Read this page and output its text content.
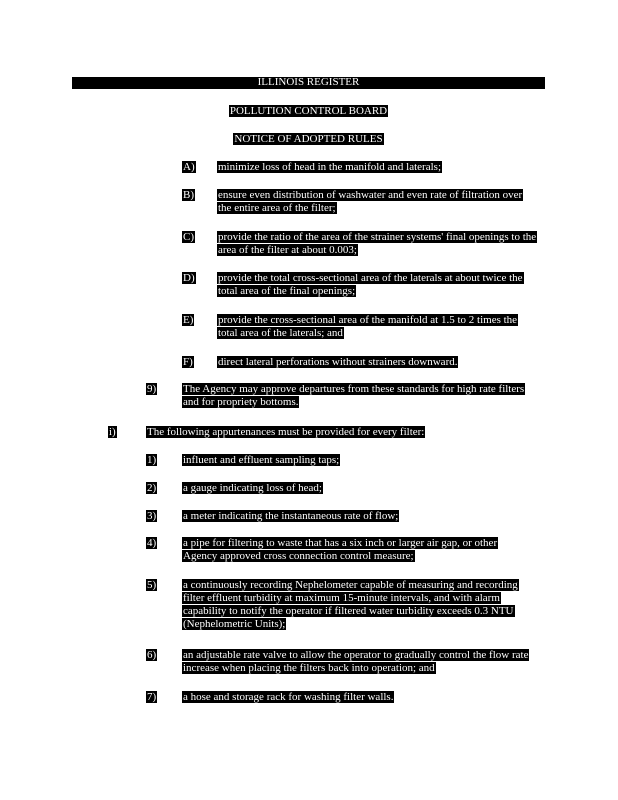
ILLINOIS REGISTER
POLLUTION CONTROL BOARD
NOTICE OF ADOPTED RULES
A) minimize loss of head in the manifold and laterals;
B) ensure even distribution of washwater and even rate of filtration over the entire area of the filter;
C) provide the ratio of the area of the strainer systems' final openings to the area of the filter at about 0.003;
D) provide the total cross-sectional area of the laterals at about twice the total area of the final openings;
E) provide the cross-sectional area of the manifold at 1.5 to 2 times the total area of the laterals; and
F) direct lateral perforations without strainers downward.
9) The Agency may approve departures from these standards for high rate filters and for propriety bottoms.
i)	The following appurtenances must be provided for every filter:
1) influent and effluent sampling taps;
2) a gauge indicating loss of head;
3) a meter indicating the instantaneous rate of flow;
4) a pipe for filtering to waste that has a six inch or larger air gap, or other Agency approved cross connection control measure;
5) a continuously recording Nephelometer capable of measuring and recording filter effluent turbidity at maximum 15-minute intervals, and with alarm capability to notify the operator if filtered water turbidity exceeds 0.3 NTU (Nephelometric Units);
6) an adjustable rate valve to allow the operator to gradually control the flow rate increase when placing the filters back into operation; and
7) a hose and storage rack for washing filter walls.
